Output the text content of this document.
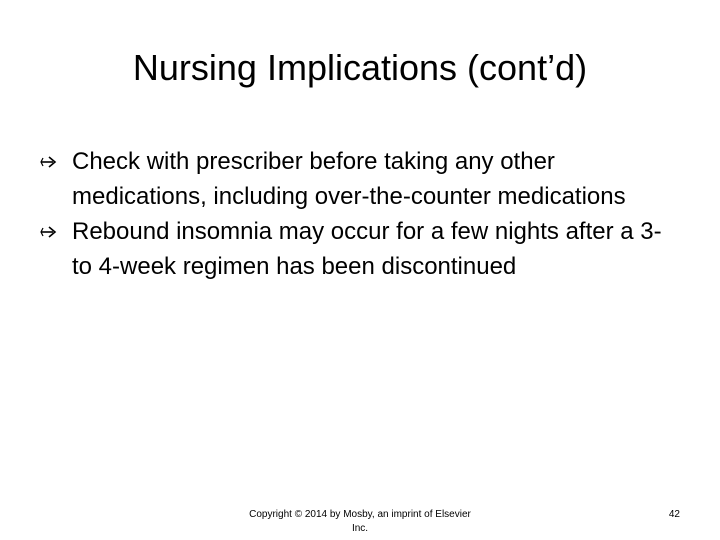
Nursing Implications (cont’d)
Check with prescriber before taking any other medications, including over-the-counter medications
Rebound insomnia may occur for a few nights after a 3- to 4-week regimen has been discontinued
Copyright © 2014 by Mosby, an imprint of Elsevier Inc.
42
